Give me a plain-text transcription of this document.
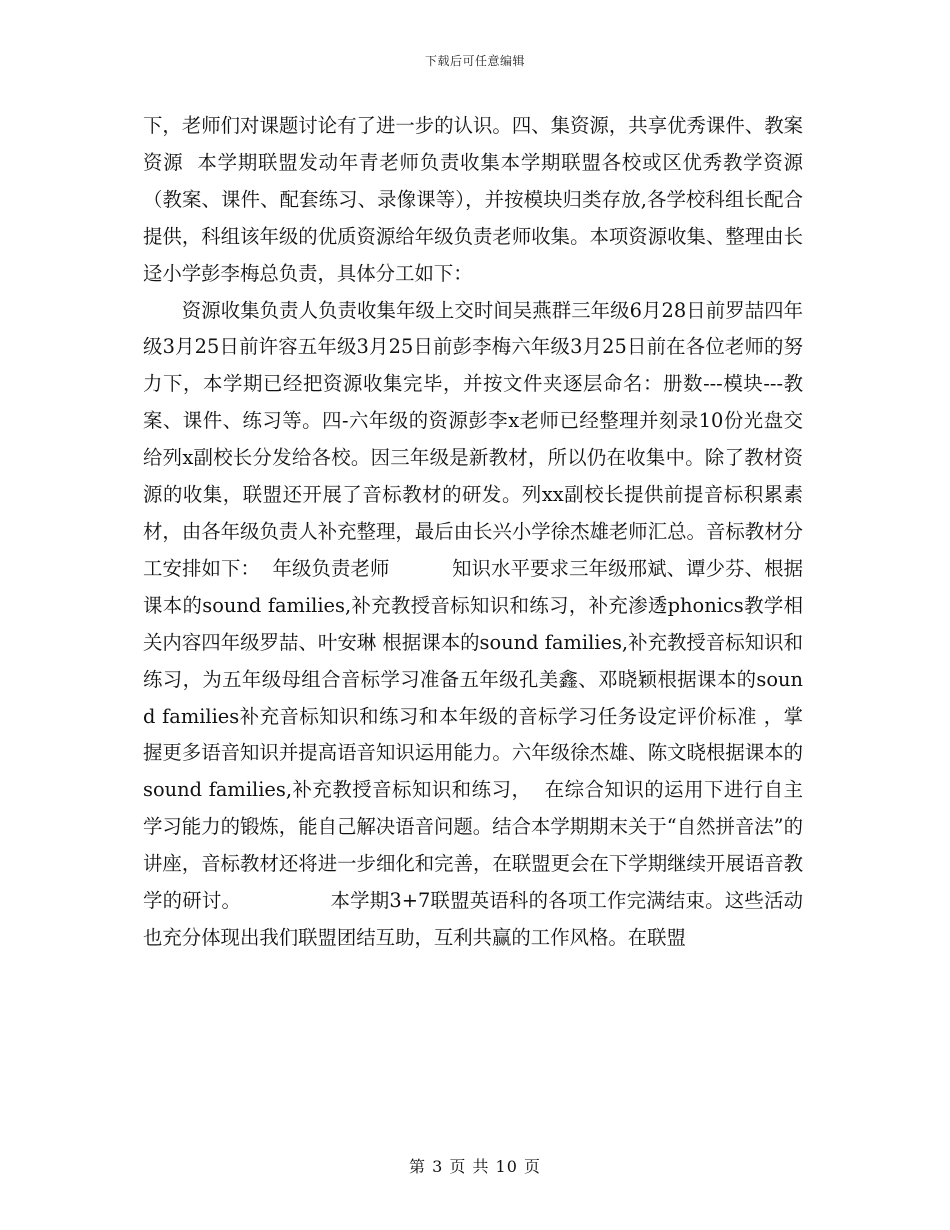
下载后可任意编辑

下，老师们对课题讨论有了进一步的认识。四、集资源，共享优秀课件、教案资源  本学期联盟发动年青老师负责收集本学期联盟各校或区优秀教学资源（教案、课件、配套练习、录像课等），并按模块归类存放,各学校科组长配合提供，科组该年级的优质资源给年级负责老师收集。本项资源收集、整理由长迳小学彭李梅总负责，具体分工如下：

资源收集负责人负责收集年级上交时间吴燕群三年级6月28日前罗喆四年级3月25日前许容五年级3月25日前彭李梅六年级3月25日前在各位老师的努力下，本学期已经把资源收集完毕，并按文件夹逐层命名：册数---模块---教案、课件、练习等。四-六年级的资源彭李x老师已经整理并刻录10份光盘交给列x副校长分发给各校。因三年级是新教材，所以仍在收集中。除了教材资源的收集，联盟还开展了音标教材的研发。列xx副校长提供前提音标积累素材，由各年级负责人补充整理，最后由长兴小学徐杰雄老师汇总。音标教材分工安排如下：  年级负责老师          知识水平要求三年级邢斌、谭少芬、根据课本的sound families,补充教授音标知识和练习，补充渗透phonics教学相关内容四年级罗喆、叶安琳 根据课本的sound families,补充教授音标知识和练习，为五年级母组合音标学习准备五年级孔美鑫、邓晓颖根据课本的sound families补充音标知识和练习和本年级的音标学习任务设定评价标准 ，掌握更多语音知识并提高语音知识运用能力。六年级徐杰雄、陈文晓根据课本的sound families,补充教授音标知识和练习，  在综合知识的运用下进行自主学习能力的锻炼，能自己解决语音问题。结合本学期期末关于“自然拼音法”的讲座，音标教材还将进一步细化和完善，在联盟更会在下学期继续开展语音教学的研讨。              本学期3+7联盟英语科的各项工作完满结束。这些活动也充分体现出我们联盟团结互助，互利共赢的工作风格。在联盟

第 3 页 共 10 页
